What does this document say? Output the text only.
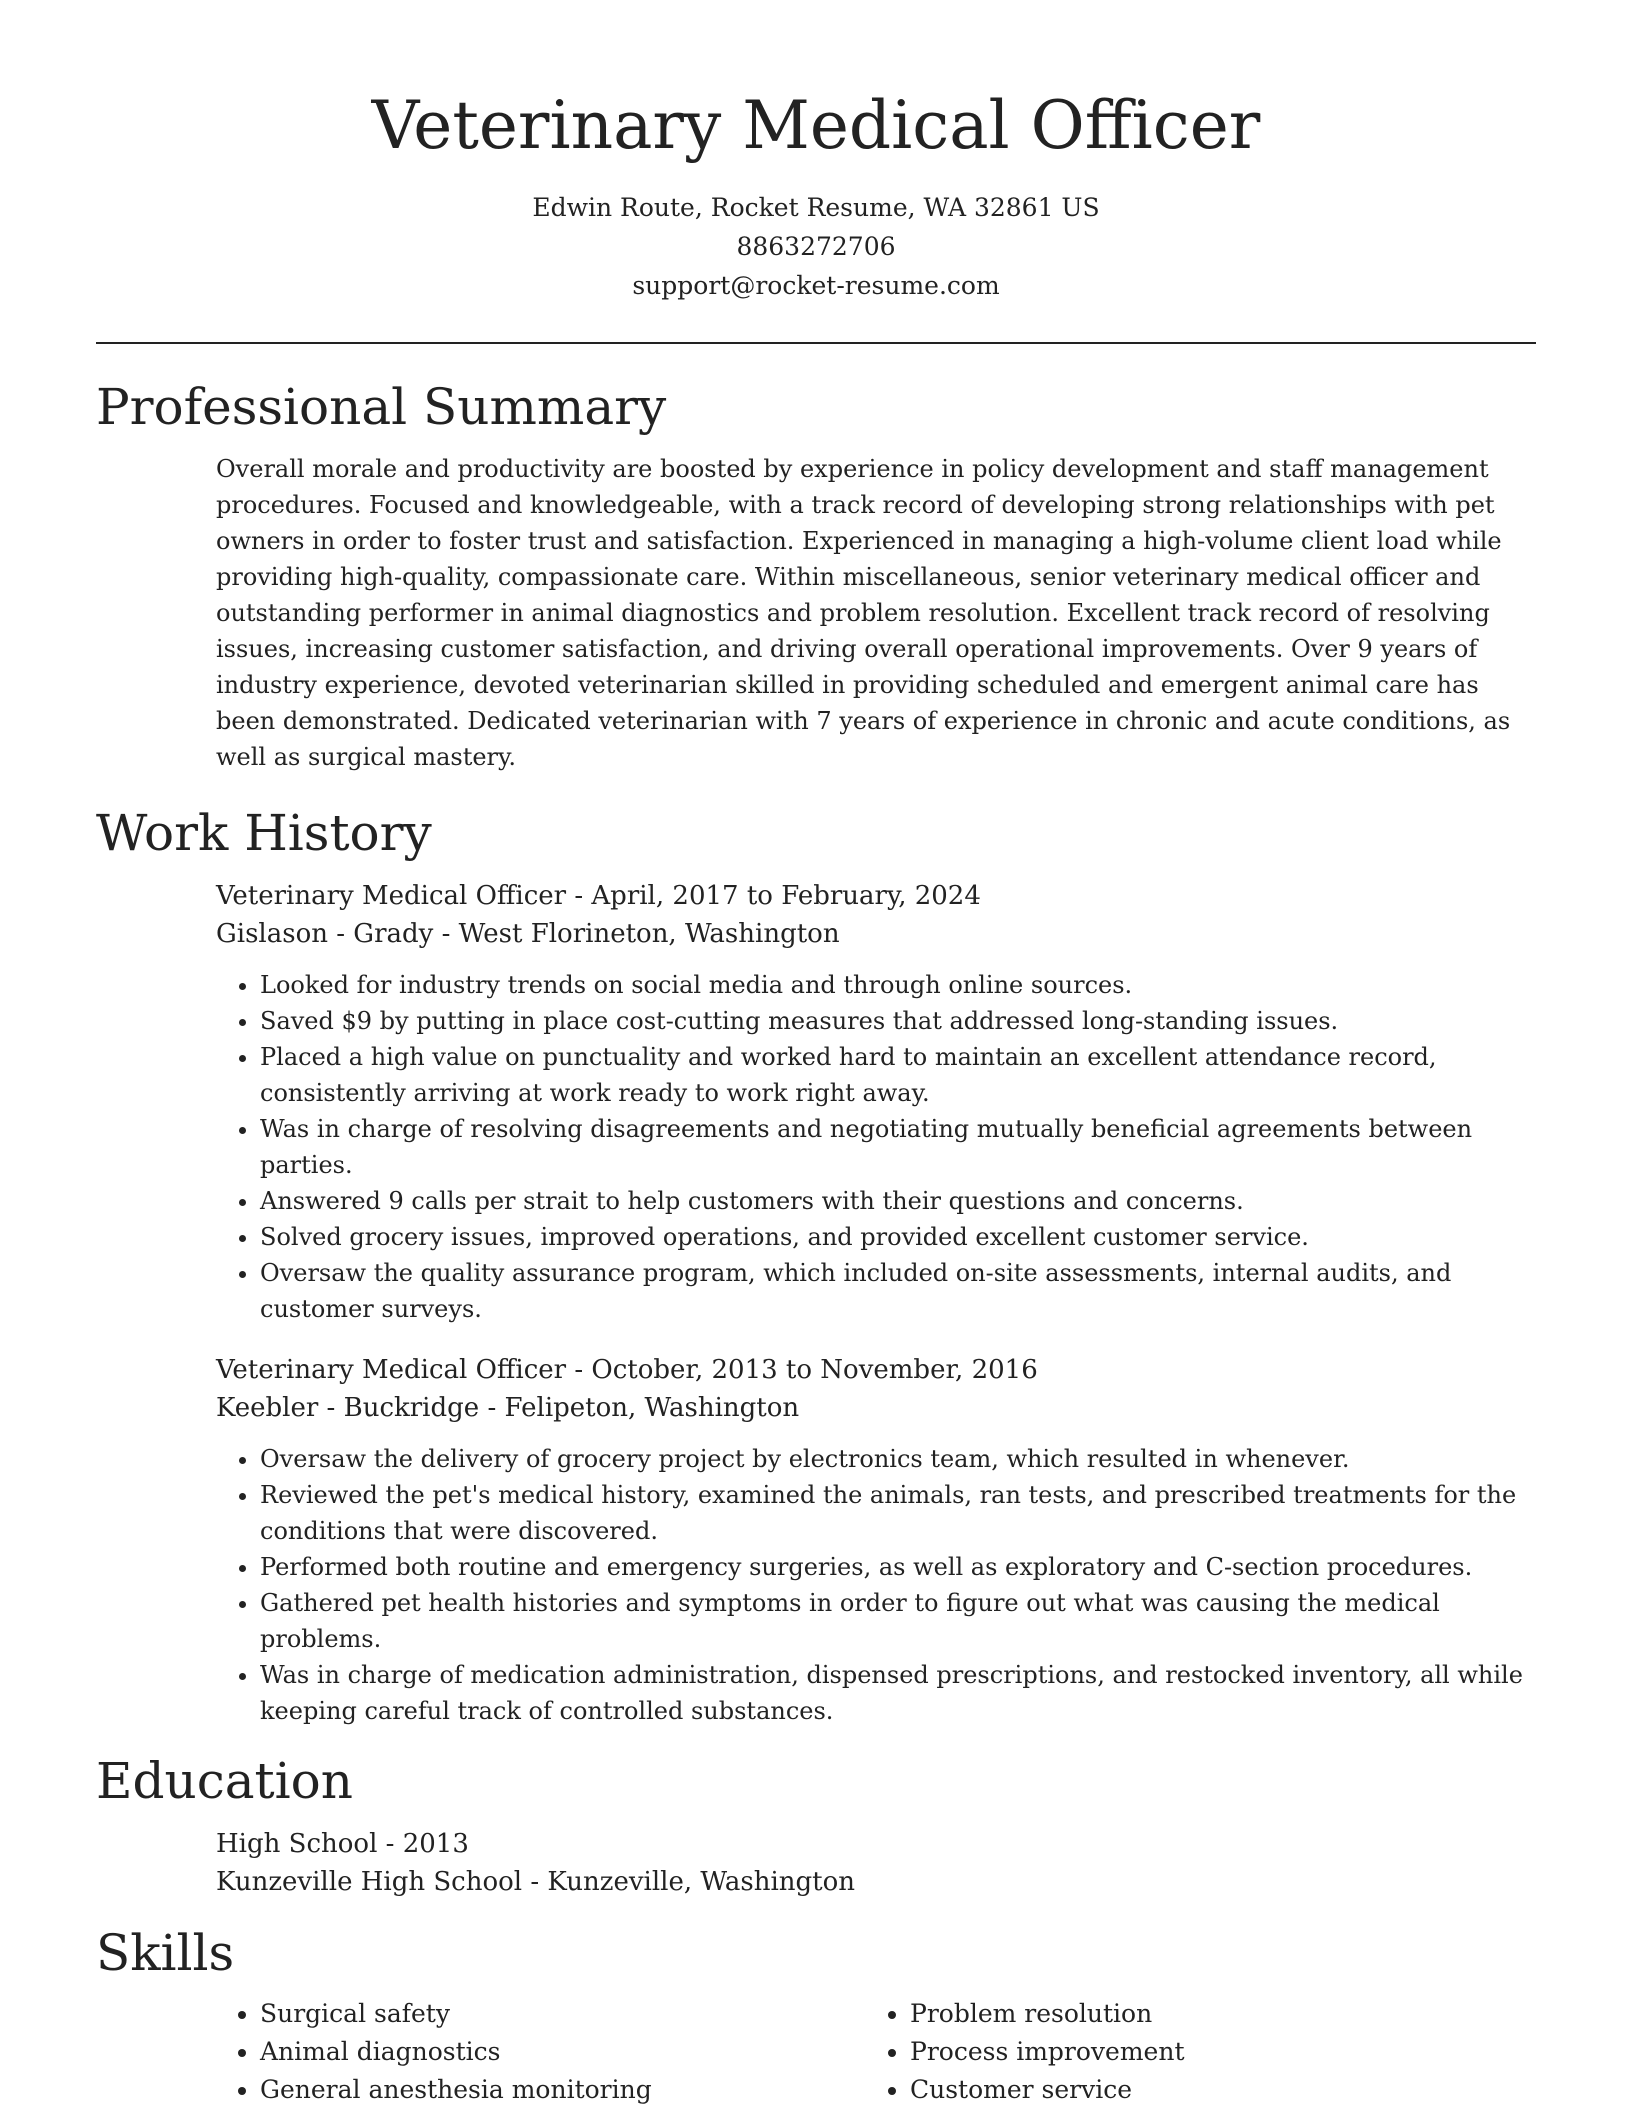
Veterinary Medical Officer
Edwin Route, Rocket Resume, WA 32861 US
8863272706
support@rocket-resume.com
Professional Summary

Overall morale and productivity are boosted by experience in policy development and staff management procedures. Focused and knowledgeable, with a track record of developing strong relationships with pet owners in order to foster trust and satisfaction. Experienced in managing a high-volume client load while providing high-quality, compassionate care. Within miscellaneous, senior veterinary medical officer and outstanding performer in animal diagnostics and problem resolution. Excellent track record of resolving issues, increasing customer satisfaction, and driving overall operational improvements. Over 9 years of industry experience, devoted veterinarian skilled in providing scheduled and emergent animal care has been demonstrated. Dedicated veterinarian with 7 years of experience in chronic and acute conditions, as well as surgical mastery.

Work History
Veterinary Medical Officer - April, 2017 to February, 2024
Gislason - Grady - West Florineton, Washington
• Looked for industry trends on social media and through online sources.
• Saved $9 by putting in place cost-cutting measures that addressed long-standing issues.
• Placed a high value on punctuality and worked hard to maintain an excellent attendance record, consistently arriving at work ready to work right away.
• Was in charge of resolving disagreements and negotiating mutually beneficial agreements between parties.
• Answered 9 calls per strait to help customers with their questions and concerns.
• Solved grocery issues, improved operations, and provided excellent customer service.
• Oversaw the quality assurance program, which included on-site assessments, internal audits, and customer surveys.
Veterinary Medical Officer - October, 2013 to November, 2016
Keebler - Buckridge - Felipeton, Washington
• Oversaw the delivery of grocery project by electronics team, which resulted in whenever.
• Reviewed the pet's medical history, examined the animals, ran tests, and prescribed treatments for the conditions that were discovered.
• Performed both routine and emergency surgeries, as well as exploratory and C-section procedures.
• Gathered pet health histories and symptoms in order to figure out what was causing the medical problems.
• Was in charge of medication administration, dispensed prescriptions, and restocked inventory, all while keeping careful track of controlled substances.
Education
High School - 2013
Kunzeville High School - Kunzeville, Washington
Skills
• Surgical safety
• Animal diagnostics
• General anesthesia monitoring
• Problem resolution
• Process improvement
• Customer service
